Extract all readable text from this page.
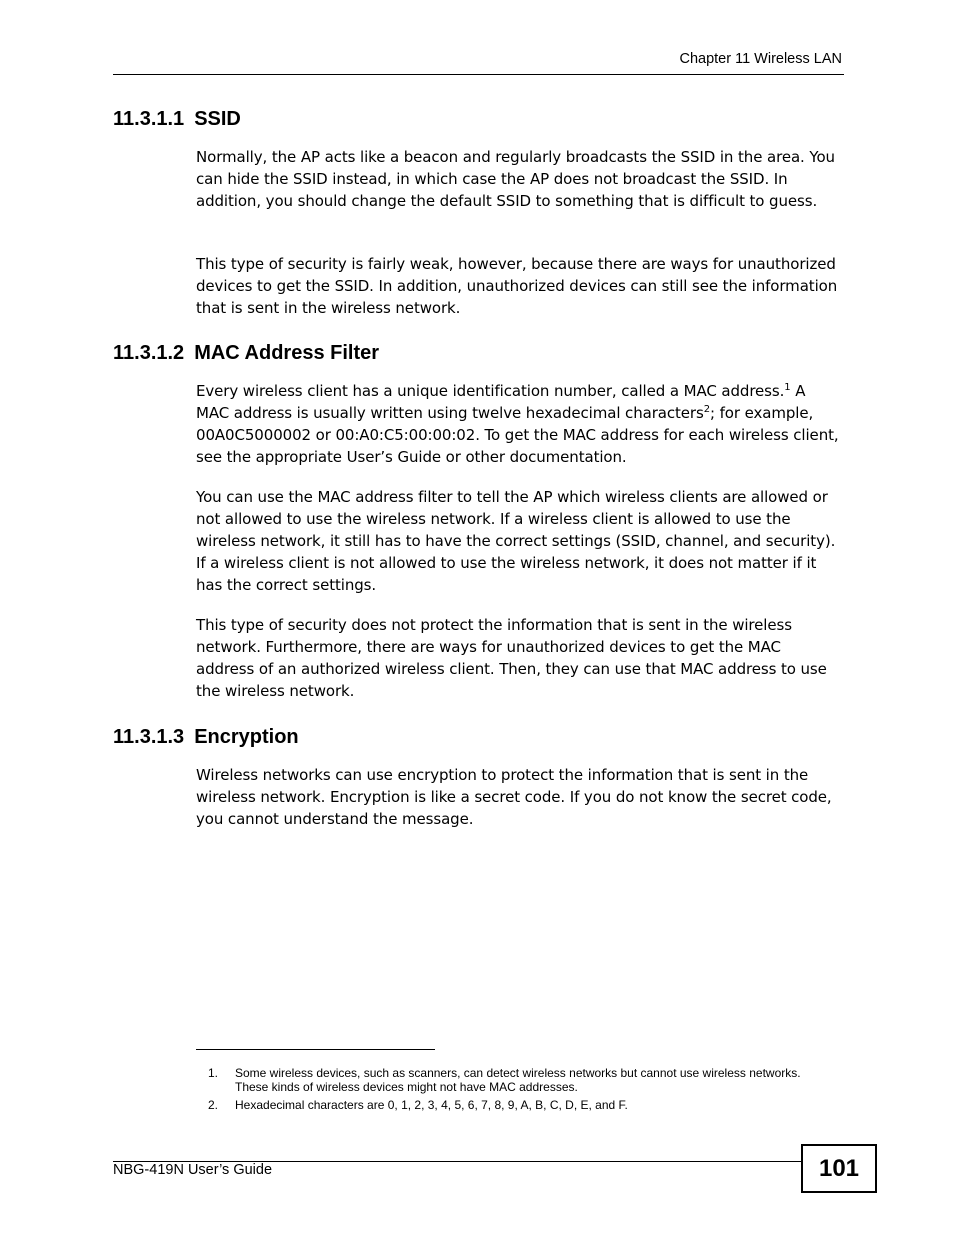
Chapter 11 Wireless LAN
11.3.1.1 SSID

Normally, the AP acts like a beacon and regularly broadcasts the SSID in the area. You can hide the SSID instead, in which case the AP does not broadcast the SSID. In addition, you should change the default SSID to something that is difficult to guess.

This type of security is fairly weak, however, because there are ways for unauthorized devices to get the SSID. In addition, unauthorized devices can still see the information that is sent in the wireless network.

11.3.1.2 MAC Address Filter

Every wireless client has a unique identification number, called a MAC address.$^1$ A MAC address is usually written using twelve hexadecimal characters$^2$; for example, 00A0C5000002 or 00:A0:C5:00:00:02. To get the MAC address for each wireless client, see the appropriate User’s Guide or other documentation.

You can use the MAC address filter to tell the AP which wireless clients are allowed or not allowed to use the wireless network. If a wireless client is allowed to use the wireless network, it still has to have the correct settings (SSID, channel, and security). If a wireless client is not allowed to use the wireless network, it does not matter if it has the correct settings.

This type of security does not protect the information that is sent in the wireless network. Furthermore, there are ways for unauthorized devices to get the MAC address of an authorized wireless client. Then, they can use that MAC address to use the wireless network.

11.3.1.3 Encryption

Wireless networks can use encryption to protect the information that is sent in the wireless network. Encryption is like a secret code. If you do not know the secret code, you cannot understand the message.

1. Some wireless devices, such as scanners, can detect wireless networks but cannot use wireless networks. These kinds of wireless devices might not have MAC addresses.
2. Hexadecimal characters are 0, 1, 2, 3, 4, 5, 6, 7, 8, 9, A, B, C, D, E, and F.
NBG-419N User’s Guide	101
